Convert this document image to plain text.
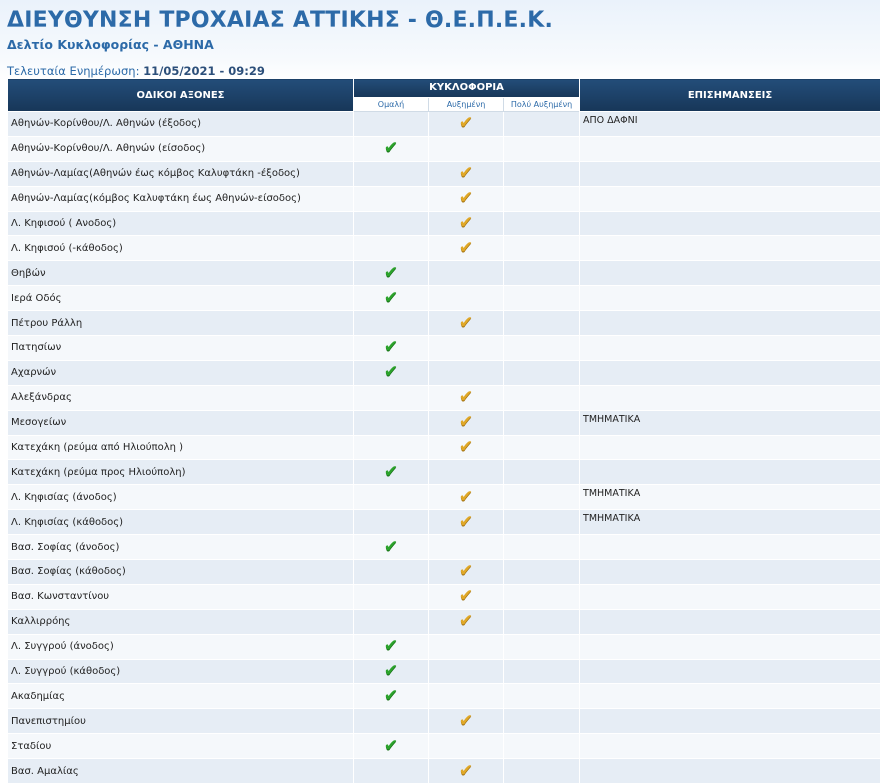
ΔΙΕΥΘΥΝΣΗ ΤΡΟΧΑΙΑΣ ΑΤΤΙΚΗΣ - Θ.Ε.Π.Ε.Κ.
Δελτίο Κυκλοφορίας - ΑΘΗΝΑ
Τελευταία Ενημέρωση: 11/05/2021 - 09:29
ΟΔΙΚΟΙ ΑΞΟΝΕΣ	ΚΥΚΛΟΦΟΡΙΑ			ΕΠΙΣΗΜΑΝΣΕΙΣ
	Ομαλή	Αυξημένη	Πολύ Αυξημένη	
Αθηνών-Κορίνθου/Λ. Αθηνών (έξοδος)		✔		ΑΠΟ ΔΑΦΝΙ
Αθηνών-Κορίνθου/Λ. Αθηνών (είσοδος)	✔			
Αθηνών-Λαμίας(Αθηνών έως κόμβος Καλυφτάκη -έξοδος)		✔		
Αθηνών-Λαμίας(κόμβος Καλυφτάκη έως Αθηνών-είσοδος)		✔		
Λ. Κηφισού ( Ανοδος)		✔		
Λ. Κηφισού (-κάθοδος)		✔		
Θηβών	✔			
Ιερά Οδός	✔			
Πέτρου Ράλλη		✔		
Πατησίων	✔			
Αχαρνών	✔			
Αλεξάνδρας		✔		
Μεσογείων		✔		ΤΜΗΜΑΤΙΚΑ
Κατεχάκη (ρεύμα από Ηλιούπολη )		✔		
Κατεχάκη (ρεύμα προς Ηλιούπολη)	✔			
Λ. Κηφισίας (άνοδος)		✔		ΤΜΗΜΑΤΙΚΑ
Λ. Κηφισίας (κάθοδος)		✔		ΤΜΗΜΑΤΙΚΑ
Βασ. Σοφίας (άνοδος)	✔			
Βασ. Σοφίας (κάθοδος)		✔		
Βασ. Κωνσταντίνου		✔		
Καλλιρρόης		✔		
Λ. Συγγρού (άνοδος)	✔			
Λ. Συγγρού (κάθοδος)	✔			
Ακαδημίας	✔			
Πανεπιστημίου		✔		
Σταδίου	✔			
Βασ. Αμαλίας		✔		
